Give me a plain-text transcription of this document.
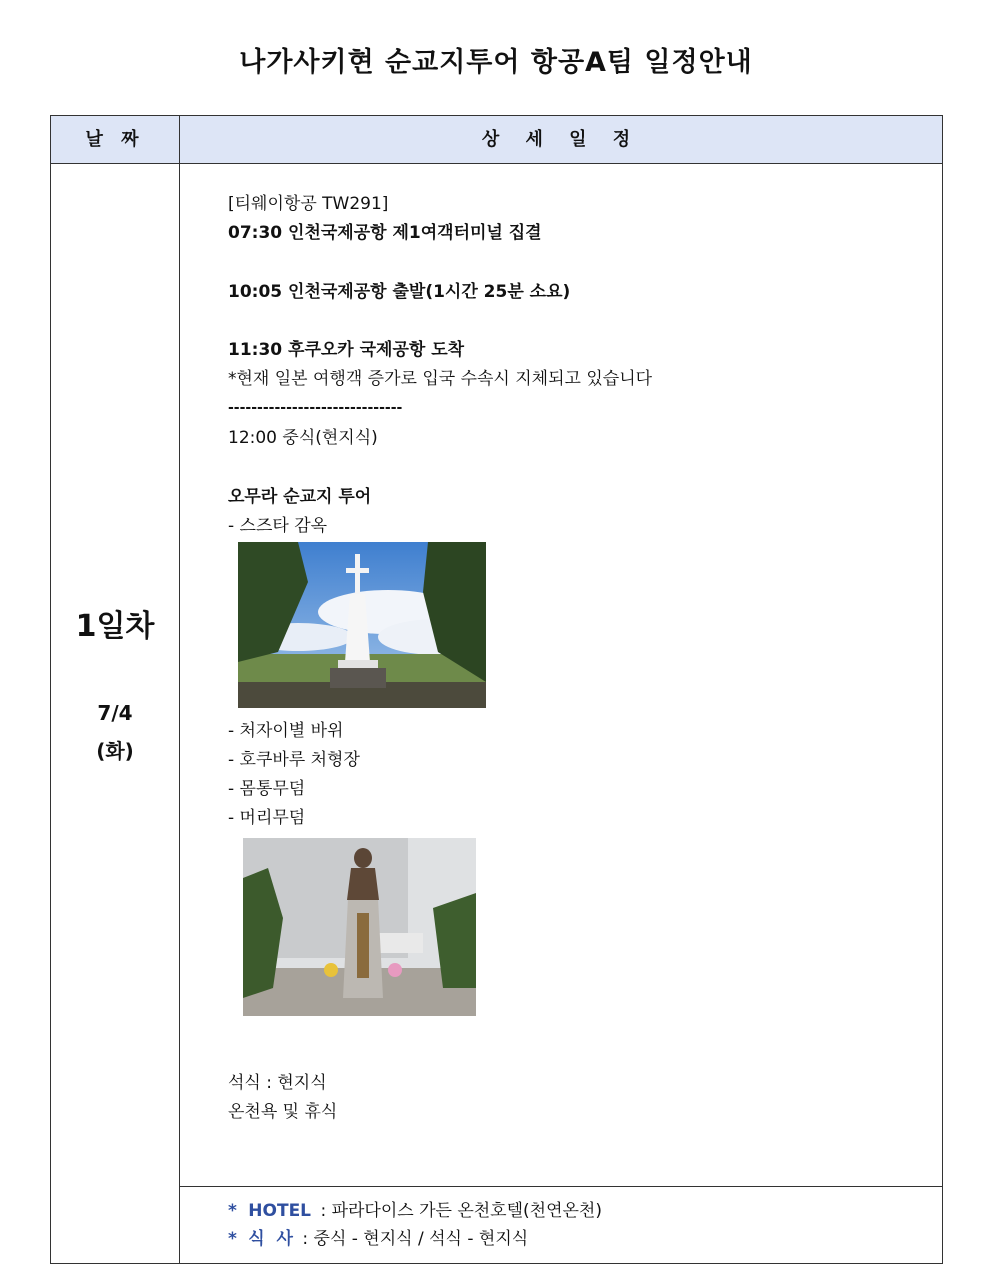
나가사키현 순교지투어 항공A팀 일정안내
날 짜	상 세 일 정
1일차
7/4
(화)
[티웨이항공 TW291]
07:30 인천국제공항 제1여객터미널 집결
10:05 인천국제공항 출발(1시간 25분 소요)
11:30 후쿠오카 국제공항 도착
*현재 일본 여행객 증가로 입국 수속시 지체되고 있습니다
------------------------------
12:00 중식(현지식)
오무라 순교지 투어
- 스즈타 감옥
- 처자이별 바위
- 호쿠바루 처형장
- 몸통무덤
- 머리무덤
석식 : 현지식
온천욕 및 휴식
* HOTEL : 파라다이스 가든 온천호텔(천연온천)
* 식  사 : 중식 - 현지식 / 석식 - 현지식
